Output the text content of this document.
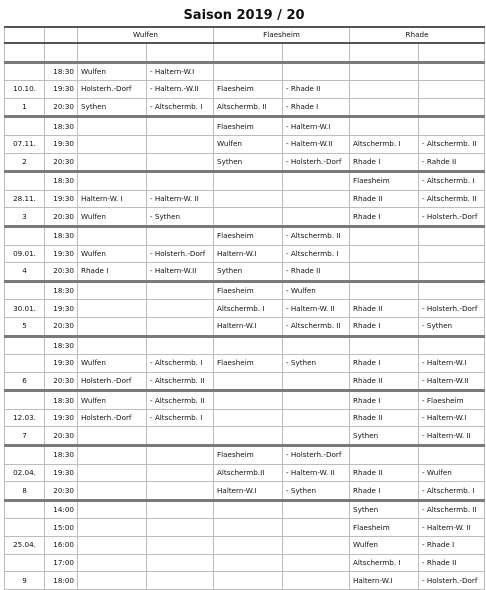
Saison 2019 / 20
		Wulfen		Flaesheim		Rhade	

	18:30	Wulfen	- Haltern-W.I				
10.10.	19:30	Holsterh.-Dorf	- Haltern.-W.II	Flaesheim	- Rhade II		
1	20:30	Sythen	- Altschermb. I	Altschermb. II	- Rhade I		
	18:30			Flaesheim	- Haltern-W.I		
07.11.	19:30			Wulfen	- Haltern-W.II	Altschermb. I	- Altschermb. II
2	20:30			Sythen	- Holsterh.-Dorf	Rhade I	- Rahde II
	18:30					Flaesheim	- Altschermb. I
28.11.	19:30	Haltern-W. I	- Haltern-W. II			Rhade II	- Altschermb. II
3	20:30	Wulfen	- Sythen			Rhade I	- Holsterh.-Dorf
	18:30			Flaesheim	- Altschermb. II		
09.01.	19:30	Wulfen	- Holsterh.-Dorf	Haltern-W.I	- Altschermb. I		
4	20:30	Rhade I	- Haltern-W.II	Sythen	- Rhade II		
	18:30			Flaesheim	- Wulfen		
30.01.	19:30			Altschermb. I	- Haltern-W. II	Rhade II	- Holsterh.-Dorf
5	20:30			Haltern-W.I	- Altschermb. II	Rhade I	- Sythen
	18:30						
	19:30	Wulfen	- Altschermb. I	Flaesheim	- Sythen	Rhade I	- Haltern-W.I
6	20:30	Holsterh.-Dorf	- Altschermb. II			Rhade II	- Haltern-W.II
	18:30	Wulfen	- Altschermb. II			Rhade I	- Flaesheim
12.03.	19:30	Holsterh.-Dorf	- Altschermb. I			Rhade II	- Haltern-W.I
7	20:30					Sythen	- Haltern-W. II
	18:30			Flaesheim	- Holsterh.-Dorf		
02.04.	19:30			Altschermb.II	- Haltern-W. II	Rhade II	- Wulfen
8	20:30			Haltern-W.I	- Sythen	Rhade I	- Altschermb. I
	14:00					Sythen	- Altschermb. II
	15:00					Flaesheim	- Haltern-W. II
25.04.	16:00					Wulfen	- Rhade I
	17:00					Altschermb. I	- Rhade II
9	18:00					Haltern-W.I	- Holsterh.-Dorf
